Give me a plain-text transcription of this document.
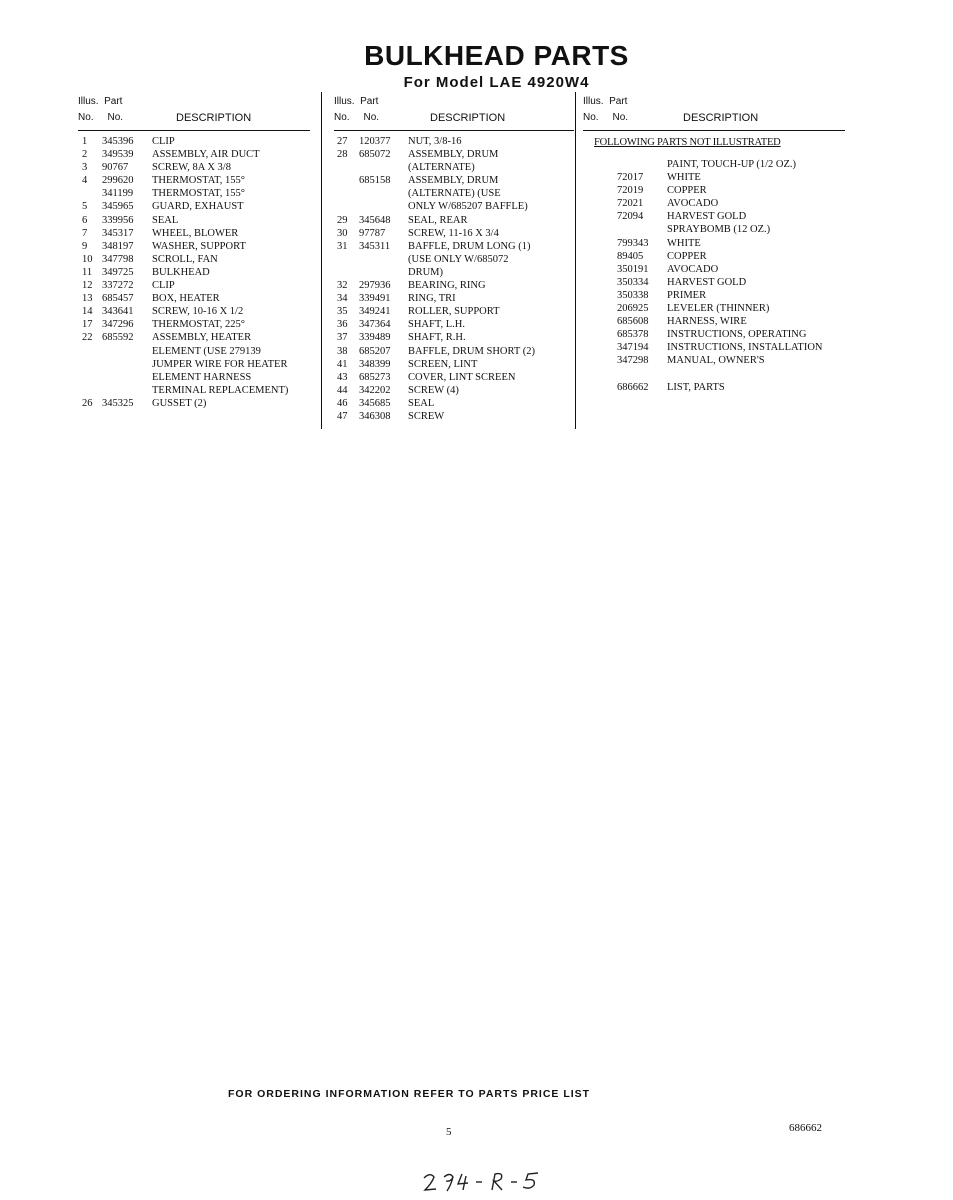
BULKHEAD PARTS
For Model LAE 4920W4
Illus. Part
No. No.	DESCRIPTION
1 345396 CLIP
2 349539 ASSEMBLY, AIR DUCT
3 90767 SCREW, 8A X 3/8
4 299620 THERMOSTAT, 155°
341199 THERMOSTAT, 155°
5 345965 GUARD, EXHAUST
6 339956 SEAL
7 345317 WHEEL, BLOWER
9 348197 WASHER, SUPPORT
10 347798 SCROLL, FAN
11 349725 BULKHEAD
12 337272 CLIP
13 685457 BOX, HEATER
14 343641 SCREW, 10-16 X 1/2
17 347296 THERMOSTAT, 225°
22 685592 ASSEMBLY, HEATER
ELEMENT (USE 279139
JUMPER WIRE FOR HEATER
ELEMENT HARNESS
TERMINAL REPLACEMENT)
26 345325 GUSSET (2)
Illus. Part
No. No.	DESCRIPTION
27 120377 NUT, 3/8-16
28 685072 ASSEMBLY, DRUM
(ALTERNATE)
685158 ASSEMBLY, DRUM
(ALTERNATE) (USE
ONLY W/685207 BAFFLE)
29 345648 SEAL, REAR
30 97787 SCREW, 11-16 X 3/4
31 345311 BAFFLE, DRUM LONG (1)
(USE ONLY W/685072
DRUM)
32 297936 BEARING, RING
34 339491 RING, TRI
35 349241 ROLLER, SUPPORT
36 347364 SHAFT, L.H.
37 339489 SHAFT, R.H.
38 685207 BAFFLE, DRUM SHORT (2)
41 348399 SCREEN, LINT
43 685273 COVER, LINT SCREEN
44 342202 SCREW (4)
46 345685 SEAL
47 346308 SCREW
Illus. Part
No. No.	DESCRIPTION
FOLLOWING PARTS NOT ILLUSTRATED
PAINT, TOUCH-UP (1/2 OZ.)
72017 WHITE
72019 COPPER
72021 AVOCADO
72094 HARVEST GOLD
SPRAYBOMB (12 OZ.)
799343 WHITE
89405 COPPER
350191 AVOCADO
350334 HARVEST GOLD
350338 PRIMER
206925 LEVELER (THINNER)
685608 HARNESS, WIRE
685378 INSTRUCTIONS, OPERATING
347194 INSTRUCTIONS, INSTALLATION
347298 MANUAL, OWNER'S
686662 LIST, PARTS
FOR ORDERING INFORMATION REFER TO PARTS PRICE LIST
5	686662
